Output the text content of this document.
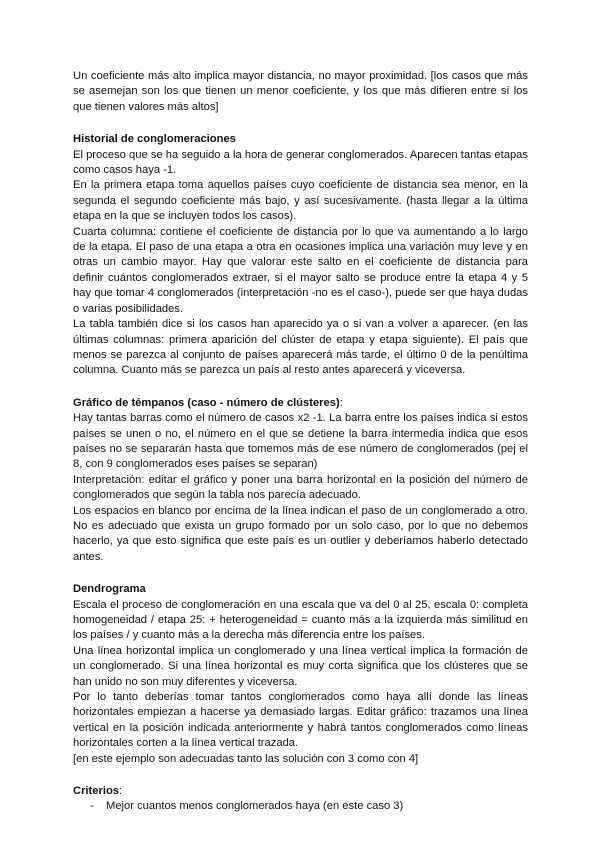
Un coeficiente más alto implica mayor distancia, no mayor proximidad. [los casos que más se asemejan son los que tienen un menor coeficiente, y los que más difieren entre sí los que tienen valores más altos]

Historial de conglomeraciones

El proceso que se ha seguido a la hora de generar conglomerados. Aparecen tantas etapas como casos haya -1.

En la primera etapa toma aquellos países cuyo coeficiente de distancia sea menor, en la segunda el segundo coeficiente más bajo, y así sucesivamente. (hasta llegar a la última etapa en la que se incluyen todos los casos).

Cuarta columna: contiene el coeficiente de distancia por lo que va aumentando a lo largo de la etapa. El paso de una etapa a otra en ocasiones implica una variación muy leve y en otras un cambio mayor. Hay que valorar este salto en el coeficiente de distancia para definir cuántos conglomerados extraer, si el mayor salto se produce entre la etapa 4 y 5 hay que tomar 4 conglomerados (interpretación -no es el caso-), puede ser que haya dudas o varias posibilidades.

La tabla también dice si los casos han aparecido ya o si van a volver a aparecer. (en las últimas columnas: primera aparición del clúster de etapa y etapa siguiente). El país que menos se parezca al conjunto de países aparecerá más tarde, el último 0 de la penúltima columna. Cuanto más se parezca un país al resto antes aparecerá y viceversa.

Gráfico de témpanos (caso - número de clústeres):

Hay tantas barras como el número de casos x2 -1. La barra entre los países indica si estos países se unen o no, el número en el que se detiene la barra intermedia indica que esos países no se separarán hasta que tomemos más de ese número de conglomerados (pej el 8, con 9 conglomerados eses países se separan)

Interpretación: editar el gráfico y poner una barra horizontal en la posición del número de conglomerados que según la tabla nos parecía adecuado.

Los espacios en blanco por encima de la línea indican el paso de un conglomerado a otro. No es adecuado que exista un grupo formado por un solo caso, por lo que no debemos hacerlo, ya que esto significa que este país es un outlier y deberíamos haberlo detectado antes.

Dendrograma

Escala el proceso de conglomeración en una escala que va del 0 al 25, escala 0: completa homogeneidad / etapa 25: + heterogeneidad = cuanto más a la izquierda más similitud en los países / y cuanto más a la derecha más diferencia entre los países.

Una línea horizontal implica un conglomerado y una línea vertical implica la formación de un conglomerado. Si una línea horizontal es muy corta significa que los clústeres que se han unido no son muy diferentes y viceversa.

Por lo tanto deberías tomar tantos conglomerados como haya allí donde las líneas horizontales empiezan a hacerse ya demasiado largas. Editar gráfico: trazamos una línea vertical en la posición indicada anteriormente y habrá tantos conglomerados como líneas horizontales corten a la línea vertical trazada.

[en este ejemplo son adecuadas tanto las solución con 3 como con 4]

Criterios:
-	Mejor cuantos menos conglomerados haya (en este caso 3)
